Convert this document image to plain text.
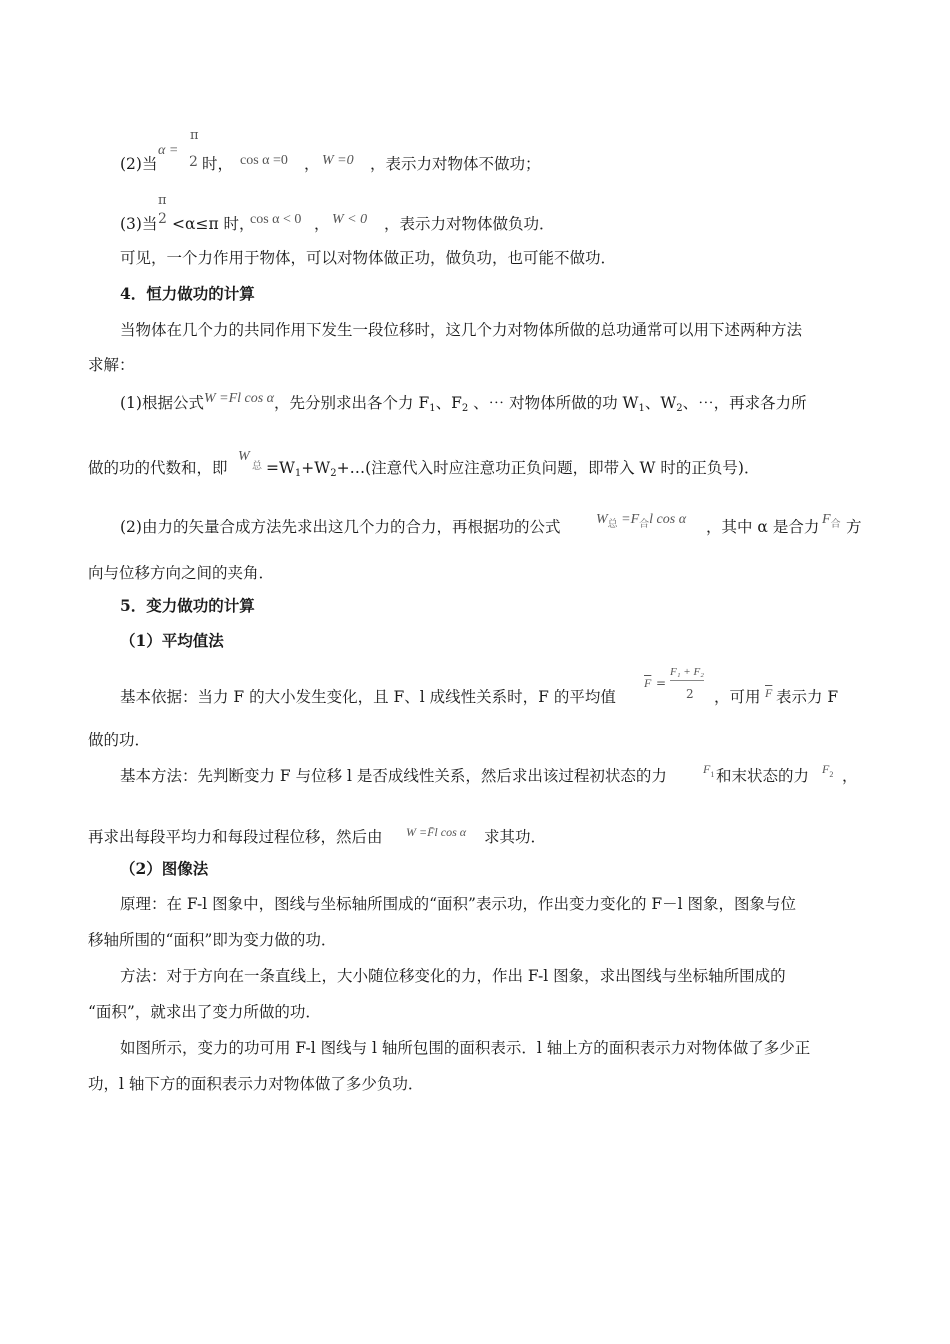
(2)当
α =
π
2 时， cos α =0 ， W =0 ，表示力对物体不做功；
π
(3)当 2 <α≤π 时，
cos α < 0 ， W < 0 ，表示力对物体做负功．
可见，一个力作用于物体，可以对物体做正功，做负功，也可能不做功．
4．恒力做功的计算
当物体在几个力的共同作用下发生一段位移时，这几个力对物体所做的总功通常可以用下述两种方法
求解：
(1)根据公式W =Fl cos α，先分别求出各个力 $F_1$、$F_2$ 、⋯ 对物体所做的功 $W_1$、$W_2$、⋯，再求各力所
W
总
做的功的代数和，即 $=W_1+W_2+\dots$(注意代入时应注意功正负问题，即带入 W 时的正负号)．
(2)由力的矢量合成方法先求出这几个力的合力，再根据功的公式	$W_总 =F_合l$ cos α ，其中 α 是合力 $F_合$ 方
向与位移方向之间的夹角．
5．变力做功的计算
（1）平均值法
$\overline{F}$ =
F₁ + F₂
2
基本依据：当力 F 的大小发生变化，且 F、l 成线性关系时，F 的平均值	，可用 $\overline{F}$ 表示力 F
做的功．
基本方法：先判断变力 F 与位移 l 是否成线性关系，然后求出该过程初状态的力	$F_1$ 和末状态的力 $F_2$ ，
再求出每段平均力和每段过程位移，然后由 W =F̄l cos α 求其功．
（2）图像法
原理：在 F-l 图象中，图线与坐标轴所围成的“面积”表示功，作出变力变化的 F－l 图象，图象与位
移轴所围的“面积”即为变力做的功．
方法：对于方向在一条直线上，大小随位移变化的力，作出 F-l 图象，求出图线与坐标轴所围成的
“面积”，就求出了变力所做的功．
如图所示，变力的功可用 F-l 图线与 l 轴所包围的面积表示．l 轴上方的面积表示力对物体做了多少正
功，l 轴下方的面积表示力对物体做了多少负功．
